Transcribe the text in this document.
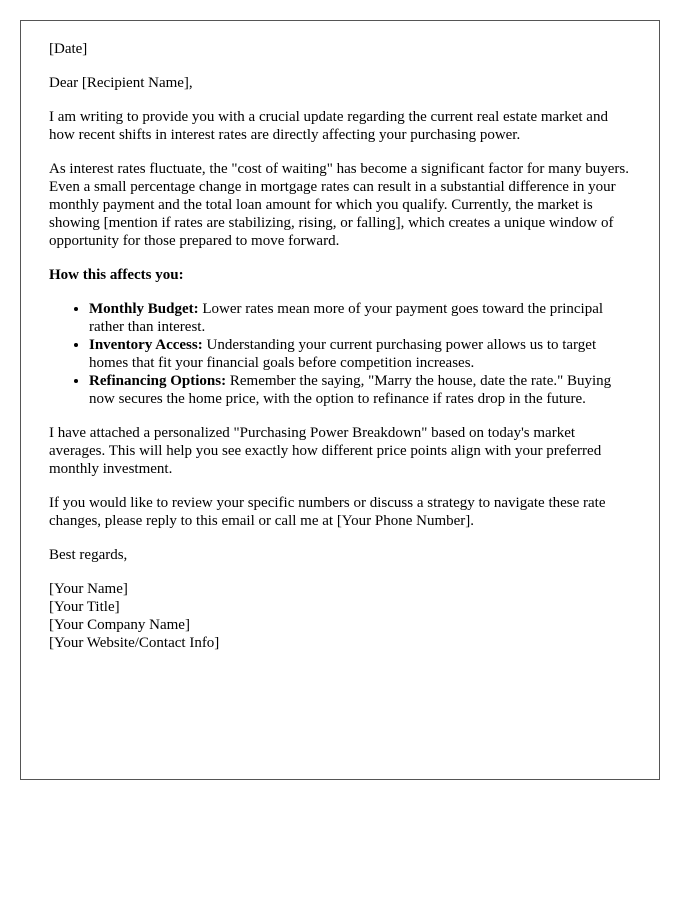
[Date]

Dear [Recipient Name],

I am writing to provide you with a crucial update regarding the current real estate market and how recent shifts in interest rates are directly affecting your purchasing power.

As interest rates fluctuate, the "cost of waiting" has become a significant factor for many buyers. Even a small percentage change in mortgage rates can result in a substantial difference in your monthly payment and the total loan amount for which you qualify. Currently, the market is showing [mention if rates are stabilizing, rising, or falling], which creates a unique window of opportunity for those prepared to move forward.

How this affects you:

• Monthly Budget: Lower rates mean more of your payment goes toward the principal rather than interest.
• Inventory Access: Understanding your current purchasing power allows us to target homes that fit your financial goals before competition increases.
• Refinancing Options: Remember the saying, "Marry the house, date the rate." Buying now secures the home price, with the option to refinance if rates drop in the future.

I have attached a personalized "Purchasing Power Breakdown" based on today's market averages. This will help you see exactly how different price points align with your preferred monthly investment.

If you would like to review your specific numbers or discuss a strategy to navigate these rate changes, please reply to this email or call me at [Your Phone Number].

Best regards,

[Your Name]
[Your Title]
[Your Company Name]
[Your Website/Contact Info]
